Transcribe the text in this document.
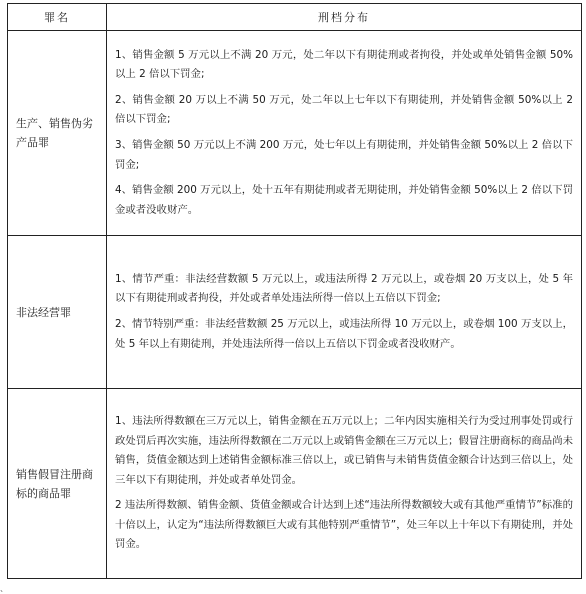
罪名	刑档分布
生产、销售伪劣产品罪	1、销售金额 5 万元以上不满 20 万元，处二年以下有期徒刑或者拘役，并处或单处销售金额 50%以上 2 倍以下罚金;
2、销售金额 20 万以上不满 50 万元，处二年以上七年以下有期徒刑，并处销售金额 50%以上 2 倍以下罚金;
3、销售金额 50 万元以上不满 200 万元，处七年以上有期徒刑，并处销售金额 50%以上 2 倍以下罚金;
4、销售金额 200 万元以上，处十五年有期徒刑或者无期徒刑，并处销售金额 50%以上 2 倍以下罚金或者没收财产。

非法经营罪	1、情节严重：非法经营数额 5 万元以上，或违法所得 2 万元以上，或卷烟 20 万支以上，处 5 年以下有期徒刑或者拘役，并处或者单处违法所得一倍以上五倍以下罚金;
2、情节特别严重：非法经营数额 25 万元以上，或违法所得 10 万元以上，或卷烟 100 万支以上，处 5 年以上有期徒刑，并处违法所得一倍以上五倍以下罚金或者没收财产。

销售假冒注册商标的商品罪	1、违法所得数额在三万元以上，销售金额在五万元以上；二年内因实施相关行为受过刑事处罚或行政处罚后再次实施，违法所得数额在二万元以上或销售金额在三万元以上；假冒注册商标的商品尚未销售，货值金额达到上述销售金额标准三倍以上，或已销售与未销售货值金额合计达到三倍以上，处三年以下有期徒刑，并处或者单处罚金。
2 违法所得数额、销售金额、货值金额或合计达到上述“违法所得数额较大或有其他严重情节”标准的十倍以上，认定为“违法所得数额巨大或有其他特别严重情节”，处三年以上十年以下有期徒刑，并处罚金。
、
